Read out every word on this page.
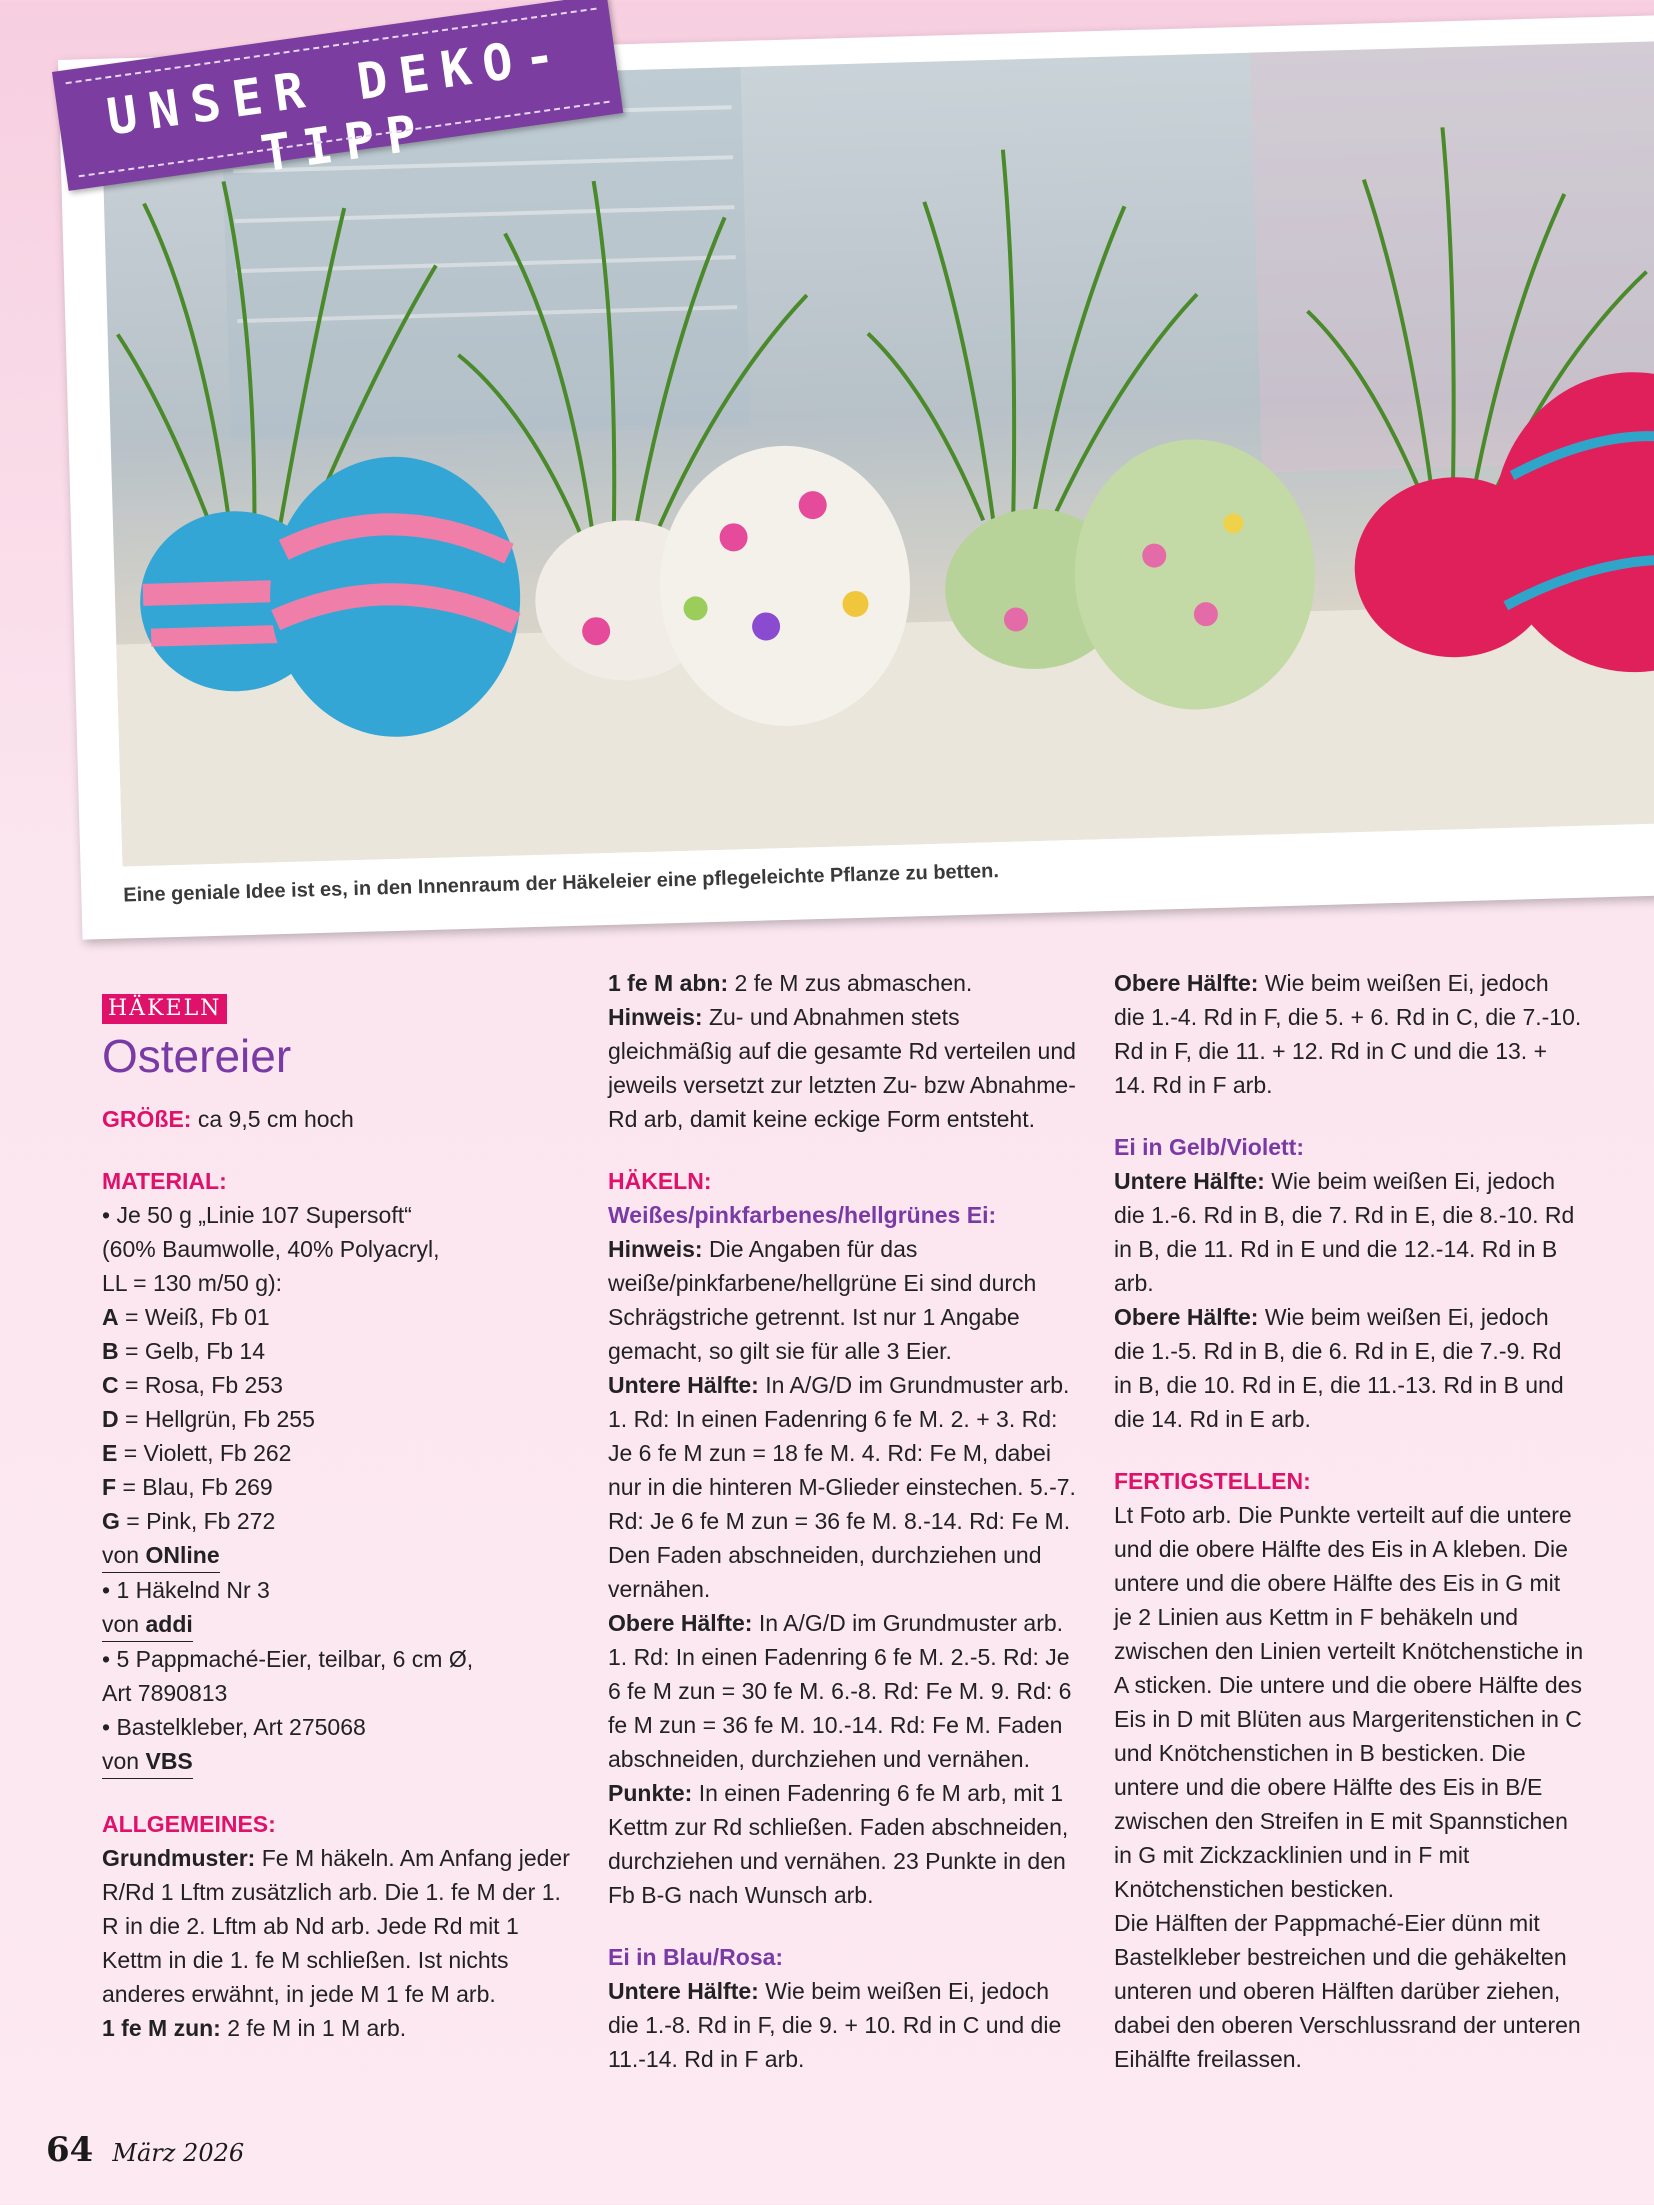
Eine geniale Idee ist es, in den Innenraum der Häkeleier eine pflegeleichte Pflanze zu betten.
UNSER DEKO-TIPP
HÄKELN
Ostereier

GRÖßE: ca 9,5 cm hoch

MATERIAL:

• Je 50 g „Linie 107 Supersoft“

(60% Baumwolle, 40% Polyacryl,

LL = 130 m/50 g):

A = Weiß, Fb 01

B = Gelb, Fb 14

C = Rosa, Fb 253

D = Hellgrün, Fb 255

E = Violett, Fb 262

F = Blau, Fb 269

G = Pink, Fb 272

von ONline

• 1 Häkelnd Nr 3

von addi

• 5 Pappmaché-Eier, teilbar, 6 cm Ø,

Art 7890813

• Bastelkleber, Art 275068

von VBS

ALLGEMEINES:

Grundmuster: Fe M häkeln. Am Anfang jeder R/Rd 1 Lftm zusätzlich arb. Die 1. fe M der 1. R in die 2. Lftm ab Nd arb. Jede Rd mit 1 Kettm in die 1. fe M schließen. Ist nichts anderes erwähnt, in jede M 1 fe M arb.

1 fe M zun: 2 fe M in 1 M arb.

1 fe M abn: 2 fe M zus abmaschen.

Hinweis: Zu- und Abnahmen stets gleichmäßig auf die gesamte Rd verteilen und jeweils versetzt zur letzten Zu- bzw Abnahme-Rd arb, damit keine eckige Form entsteht.

HÄKELN:

Weißes/pinkfarbenes/hellgrünes Ei:

Hinweis: Die Angaben für das weiße/pinkfarbene/hellgrüne Ei sind durch Schrägstriche getrennt. Ist nur 1 Angabe gemacht, so gilt sie für alle 3 Eier.

Untere Hälfte: In A/G/D im Grundmuster arb. 1. Rd: In einen Fadenring 6 fe M. 2. + 3. Rd: Je 6 fe M zun = 18 fe M. 4. Rd: Fe M, dabei nur in die hinteren M-Glieder einstechen. 5.-7. Rd: Je 6 fe M zun = 36 fe M. 8.-14. Rd: Fe M. Den Faden abschneiden, durchziehen und vernähen.

Obere Hälfte: In A/G/D im Grundmuster arb. 1. Rd: In einen Fadenring 6 fe M. 2.-5. Rd: Je 6 fe M zun = 30 fe M. 6.-8. Rd: Fe M. 9. Rd: 6 fe M zun = 36 fe M. 10.-14. Rd: Fe M. Faden abschneiden, durchziehen und vernähen.

Punkte: In einen Fadenring 6 fe M arb, mit 1 Kettm zur Rd schließen. Faden abschneiden, durchziehen und vernähen. 23 Punkte in den Fb B-G nach Wunsch arb.

Ei in Blau/Rosa:

Untere Hälfte: Wie beim weißen Ei, jedoch die 1.-8. Rd in F, die 9. + 10. Rd in C und die 11.-14. Rd in F arb.

Obere Hälfte: Wie beim weißen Ei, jedoch die 1.-4. Rd in F, die 5. + 6. Rd in C, die 7.-10. Rd in F, die 11. + 12. Rd in C und die 13. + 14. Rd in F arb.

Ei in Gelb/Violett:

Untere Hälfte: Wie beim weißen Ei, jedoch die 1.-6. Rd in B, die 7. Rd in E, die 8.-10. Rd in B, die 11. Rd in E und die 12.-14. Rd in B arb.

Obere Hälfte: Wie beim weißen Ei, jedoch die 1.-5. Rd in B, die 6. Rd in E, die 7.-9. Rd in B, die 10. Rd in E, die 11.-13. Rd in B und die 14. Rd in E arb.

FERTIGSTELLEN:

Lt Foto arb. Die Punkte verteilt auf die untere und die obere Hälfte des Eis in A kleben. Die untere und die obere Hälfte des Eis in G mit je 2 Linien aus Kettm in F behäkeln und zwischen den Linien verteilt Knötchenstiche in A sticken. Die untere und die obere Hälfte des Eis in D mit Blüten aus Margeritenstichen in C und Knötchenstichen in B besticken. Die untere und die obere Hälfte des Eis in B/E zwischen den Streifen in E mit Spannstichen in G mit Zickzacklinien und in F mit Knötchenstichen besticken.

Die Hälften der Pappmaché-Eier dünn mit Bastelkleber bestreichen und die gehäkelten unteren und oberen Hälften darüber ziehen, dabei den oberen Verschlussrand der unteren Eihälfte freilassen.

64 März 2026
